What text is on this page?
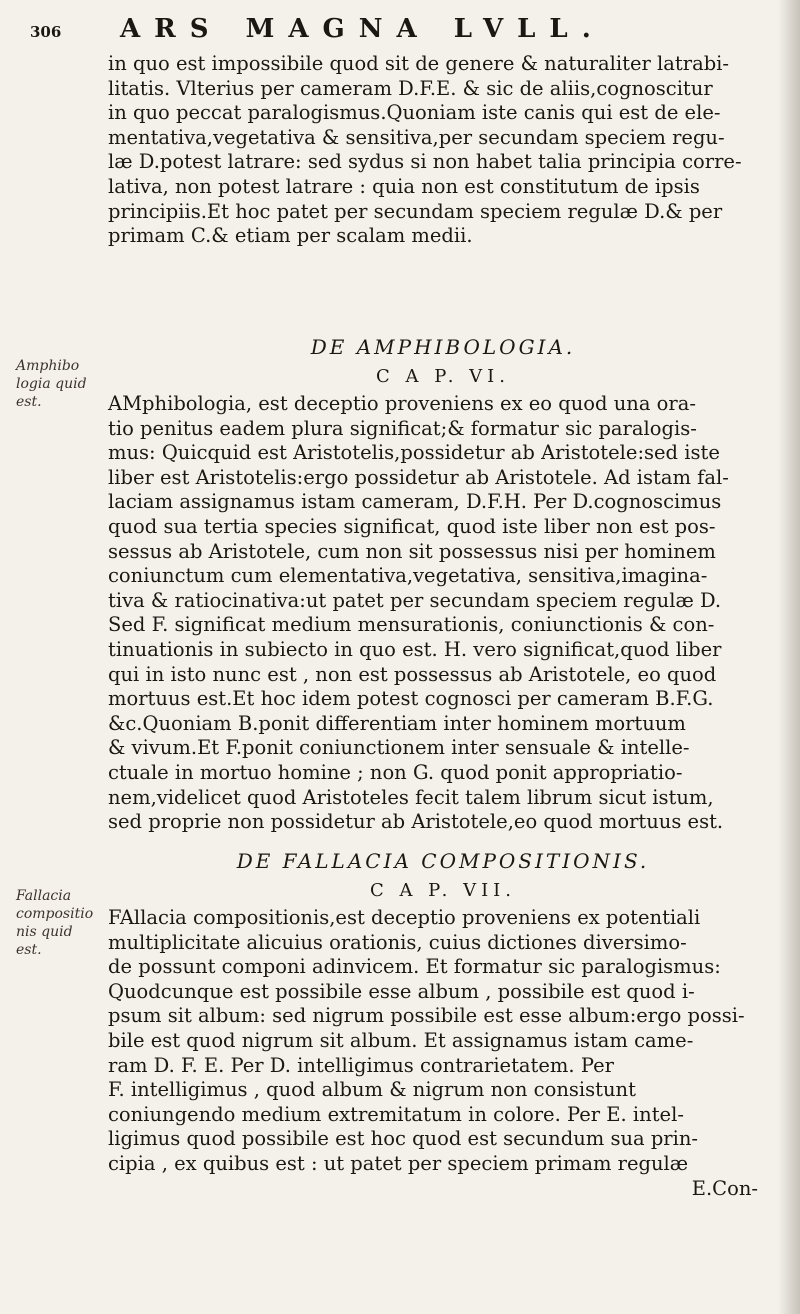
306	ARS MAGNA LVLL.

in quo est impossibile quod sit de genere & naturaliter latrabi-

litatis. Vlterius per cameram D.F.E. & sic de aliis,cognoscitur

in quo peccat paralogismus.Quoniam iste canis qui est de ele-

mentativa,vegetativa & sensitiva,per secundam speciem regu-

læ D.potest latrare: sed sydus si non habet talia principia corre-

lativa, non potest latrare : quia non est constitutum de ipsis

principiis.Et hoc patet per secundam speciem regulæ D.& per

primam C.& etiam per scalam medii.

Amphibo
logia quid
est.

DE AMPHIBOLOGIA.

C A P. VI.

AMphibologia, est deceptio proveniens ex eo quod una ora-

tio penitus eadem plura significat;& formatur sic paralogis-

mus: Quicquid est Aristotelis,possidetur ab Aristotele:sed iste

liber est Aristotelis:ergo possidetur ab Aristotele. Ad istam fal-

laciam assignamus istam cameram, D.F.H. Per D.cognoscimus

quod sua tertia species significat, quod iste liber non est pos-

sessus ab Aristotele, cum non sit possessus nisi per hominem

coniunctum cum elementativa,vegetativa, sensitiva,imagina-

tiva & ratiocinativa:ut patet per secundam speciem regulæ D.

Sed F. significat medium mensurationis, coniunctionis & con-

tinuationis in subiecto in quo est. H. vero significat,quod liber

qui in isto nunc est , non est possessus ab Aristotele, eo quod

mortuus est.Et hoc idem potest cognosci per cameram B.F.G.

&c.Quoniam B.ponit differentiam inter hominem mortuum

& vivum.Et F.ponit coniunctionem inter sensuale & intelle-

ctuale in mortuo homine ; non G. quod ponit appropriatio-

nem,videlicet quod Aristoteles fecit talem librum sicut istum,

sed proprie non possidetur ab Aristotele,eo quod mortuus est.

Fallacia
compositio
nis quid
est.

DE FALLACIA COMPOSITIONIS.

C A P. VII.

FAllacia compositionis,est deceptio proveniens ex potentiali

multiplicitate alicuius orationis, cuius dictiones diversimo-

de possunt componi adinvicem. Et formatur sic paralogismus:

Quodcunque est possibile esse album , possibile est quod i-

psum sit album: sed nigrum possibile est esse album:ergo possi-

bile est quod nigrum sit album. Et assignamus istam came-

ram D. F. E. Per D. intelligimus contrarietatem. Per

F. intelligimus , quod album & nigrum non consistunt

coniungendo medium extremitatum in colore. Per E. intel-

ligimus quod possibile est hoc quod est secundum sua prin-

cipia , ex quibus est : ut patet per speciem primam regulæ

E.Con-
